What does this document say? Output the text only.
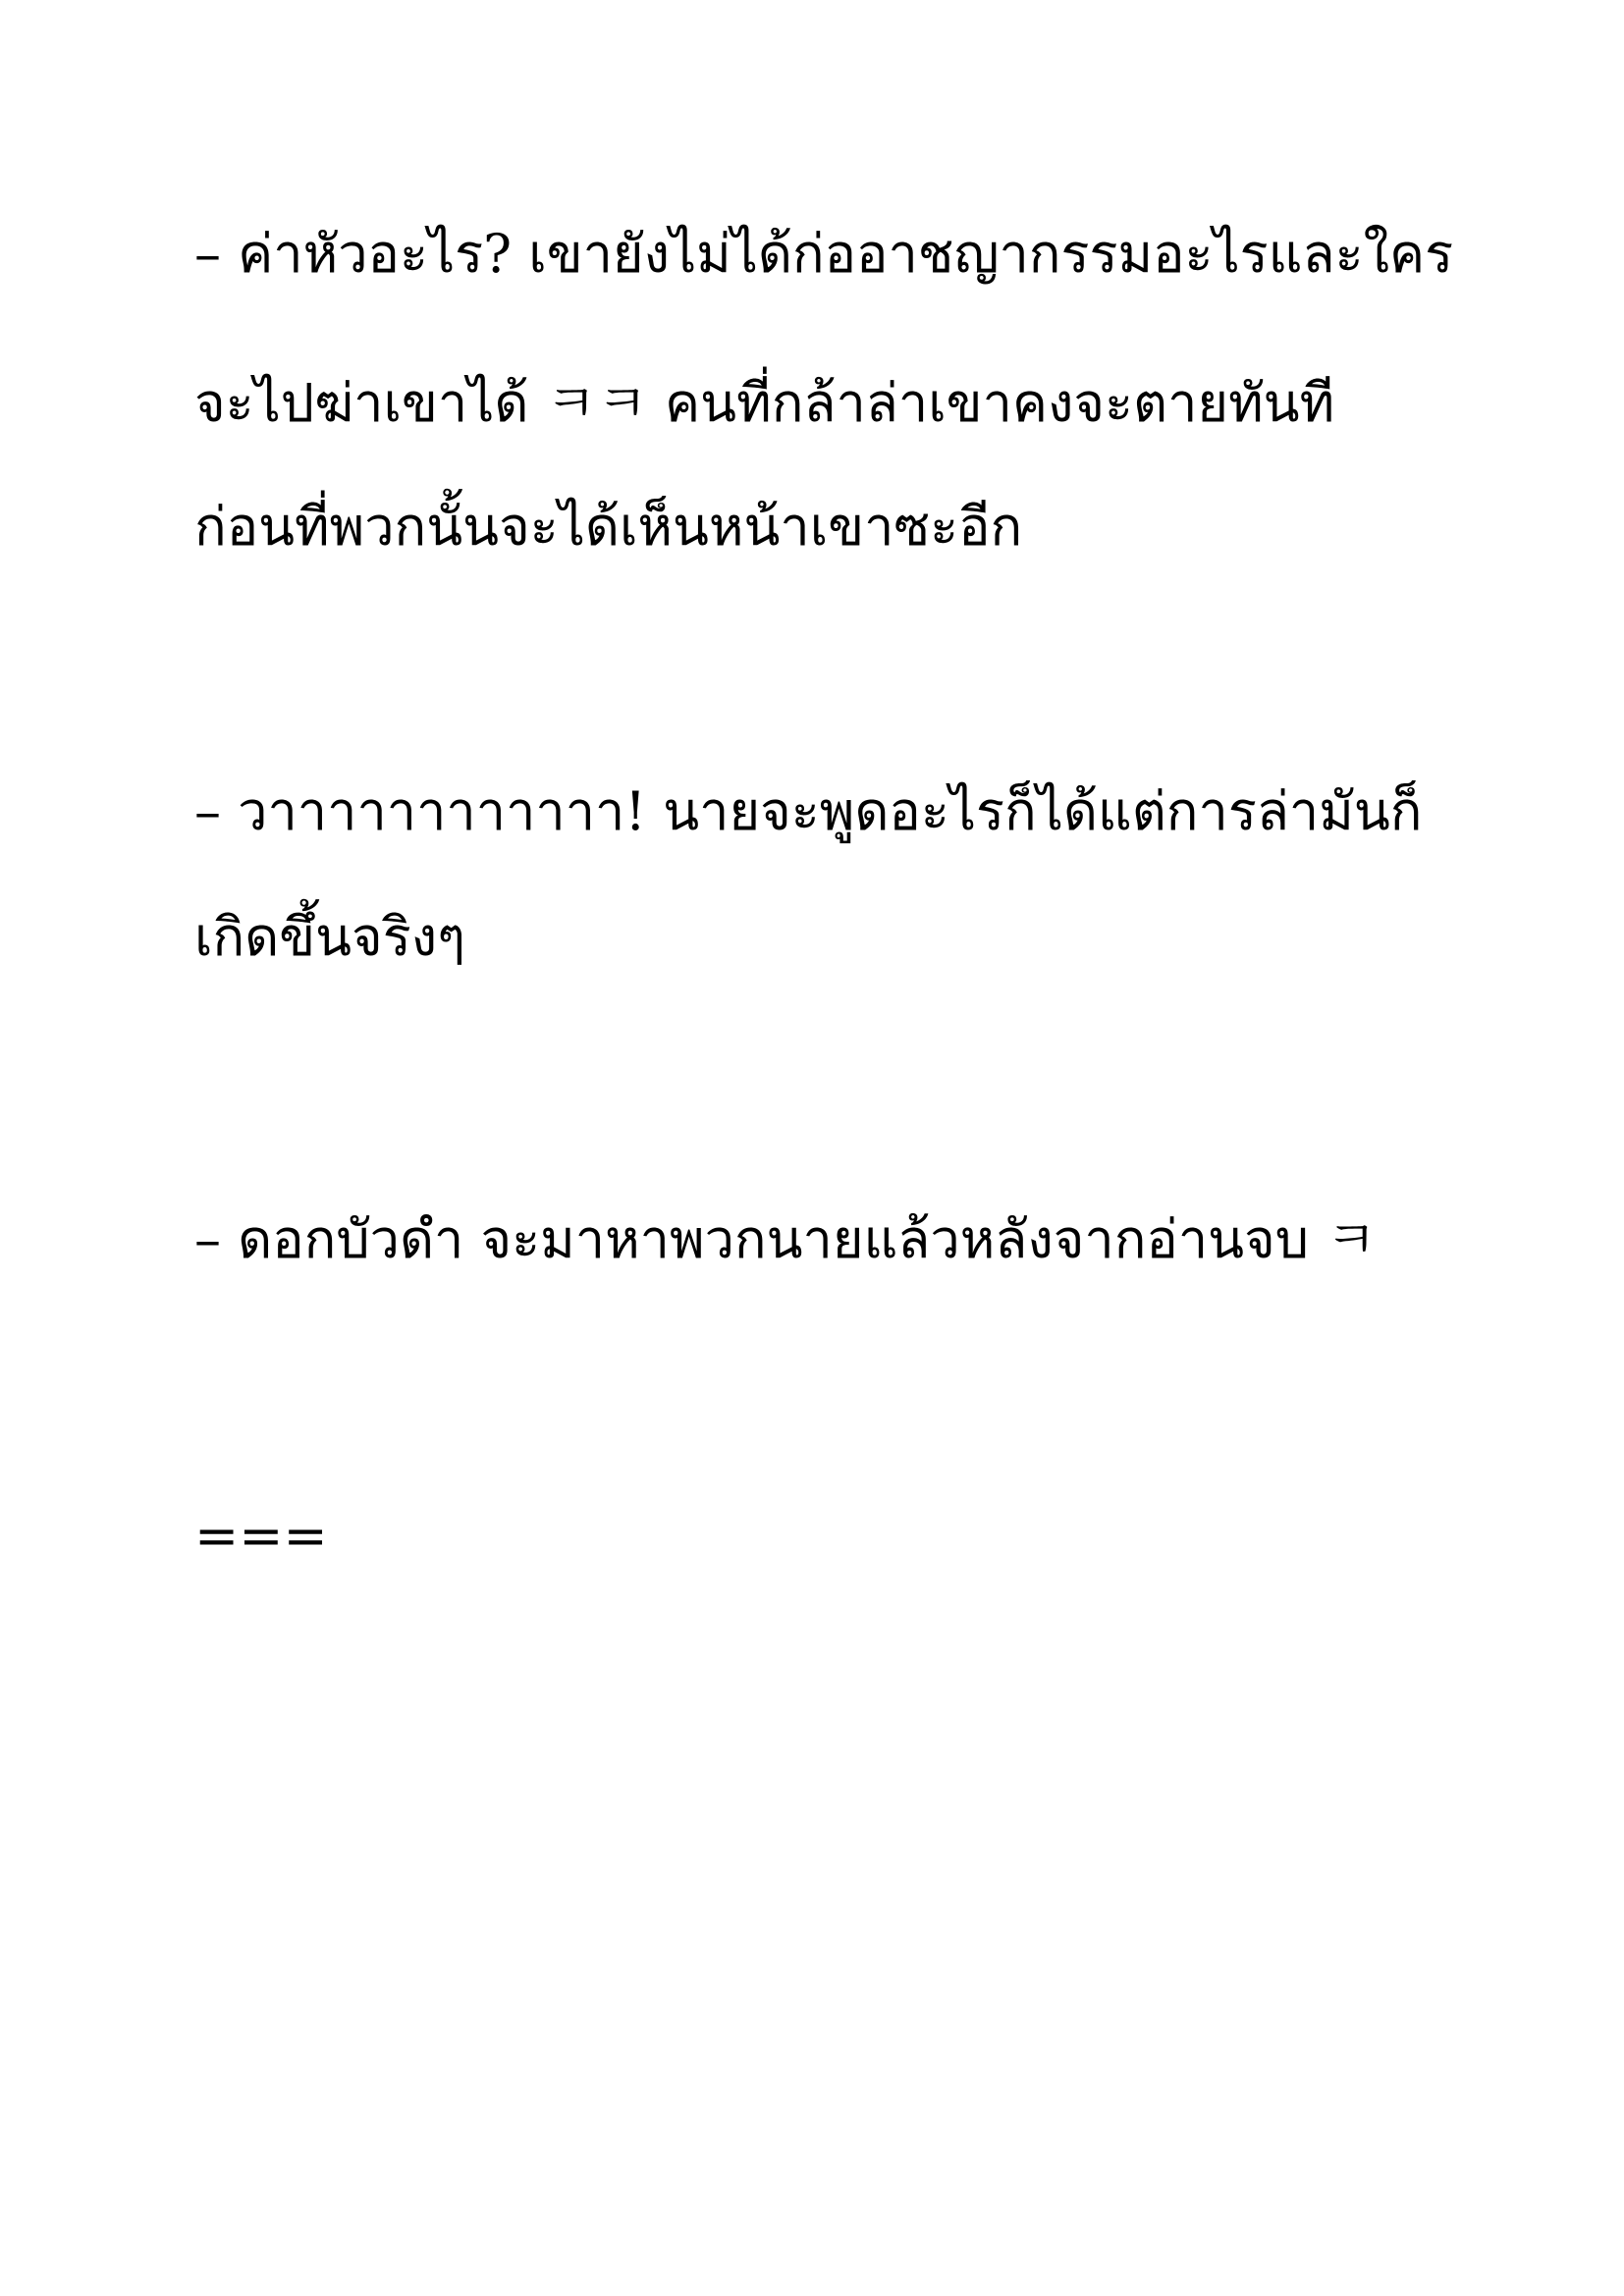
– ค่าหัวอะไร? เขายังไม่ได้ก่ออาชญากรรมอะไรและใคร
จะไปฆ่าเขาได้ ㅋㅋ คนที่กล้าล่าเขาคงจะตายทันที
ก่อนที่พวกนั้นจะได้เห็นหน้าเขาซะอีก
– วาาาาาาาาาาาา! นายจะพูดอะไรก็ได้แต่การล่ามันก็
เกิดขึ้นจริงๆ
– ดอกบัวดำ จะมาหาพวกนายแล้วหลังจากอ่านจบ ㅋ
===
